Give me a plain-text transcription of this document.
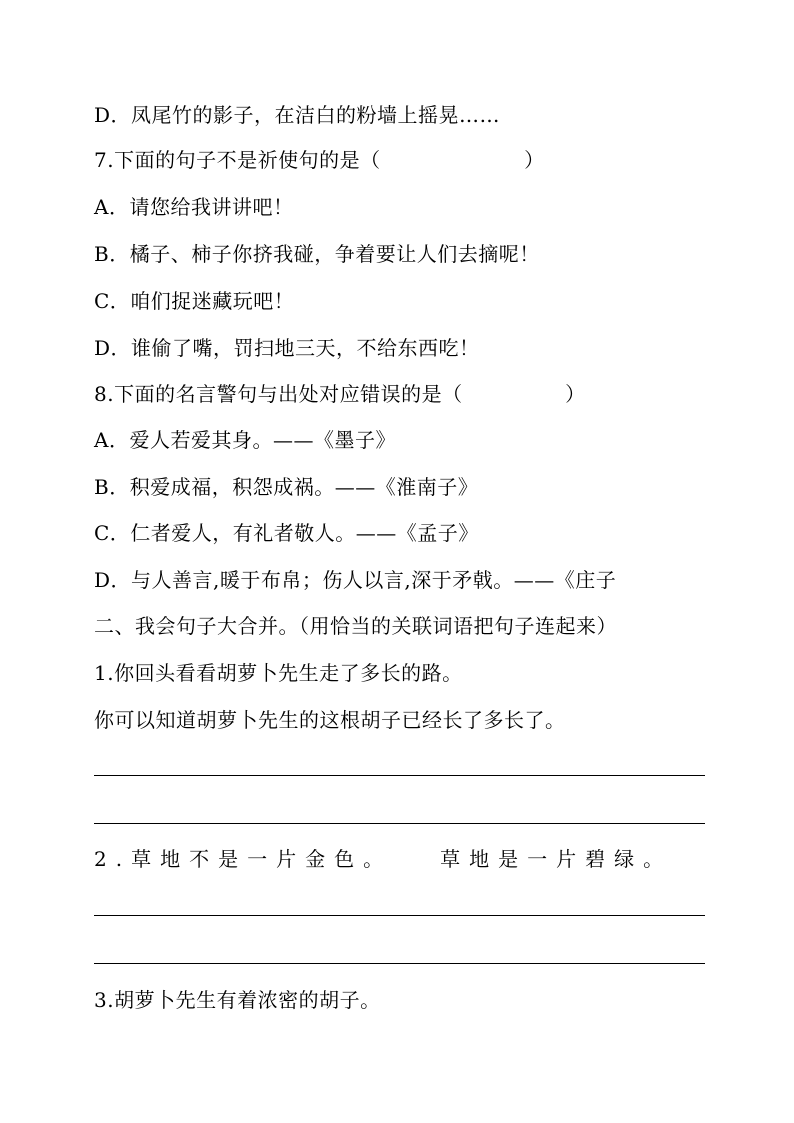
D．凤尾竹的影子，在洁白的粉墙上摇晃……
7.下面的句子不是祈使句的是（　　　　　　　）
A．请您给我讲讲吧！
B．橘子、柿子你挤我碰，争着要让人们去摘呢！
C．咱们捉迷藏玩吧！
D．谁偷了嘴，罚扫地三天，不给东西吃！
8.下面的名言警句与出处对应错误的是（　　　　　）
A．爱人若爱其身。——《墨子》
B．积爱成福，积怨成祸。——《淮南子》
C．仁者爱人，有礼者敬人。——《孟子》
D．与人善言,暖于布帛；伤人以言,深于矛戟。——《庄子
二、我会句子大合并。（用恰当的关联词语把句子连起来）
1.你回头看看胡萝卜先生走了多长的路。
你可以知道胡萝卜先生的这根胡子已经长了多长了。
2.草地不是一片金色。　　草地是一片碧绿。
3.胡萝卜先生有着浓密的胡子。
